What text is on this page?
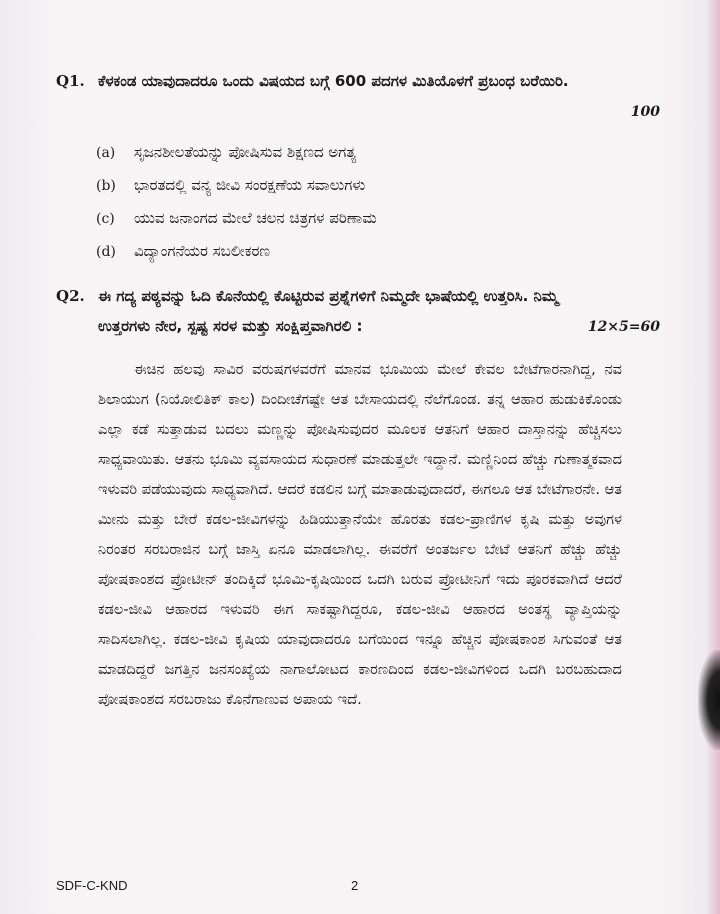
Q1. ಕೆಳಕಂಡ ಯಾವುದಾದರೂ ಒಂದು ವಿಷಯದ ಬಗ್ಗೆ 600 ಪದಗಳ ಮಿತಿಯೊಳಗೆ ಪ್ರಬಂಧ ಬರೆಯಿರಿ.
100
(a) ಸೃಜನಶೀಲತೆಯನ್ನು ಪೋಷಿಸುವ ಶಿಕ್ಷಣದ ಅಗತ್ಯ
(b) ಭಾರತದಲ್ಲಿ ವನ್ಯ ಜೀವಿ ಸಂರಕ್ಷಣೆಯ ಸವಾಲುಗಳು
(c) ಯುವ ಜನಾಂಗದ ಮೇಲೆ ಚಲನ ಚಿತ್ರಗಳ ಪರಿಣಾಮ
(d) ವಿದ್ಯಾಂಗನೆಯರ ಸಬಲೀಕರಣ
Q2. ಈ ಗದ್ಯ ಪಠ್ಯವನ್ನು ಓದಿ ಕೊನೆಯಲ್ಲಿ ಕೊಟ್ಟಿರುವ ಪ್ರಶ್ನೆಗಳಿಗೆ ನಿಮ್ಮದೇ ಭಾಷೆಯಲ್ಲಿ ಉತ್ತರಿಸಿ. ನಿಮ್ಮ ಉತ್ತರಗಳು ನೇರ, ಸ್ಪಷ್ಟ ಸರಳ ಮತ್ತು ಸಂಕ್ಷಿಪ್ತವಾಗಿರಲಿ :	12×5=60

ಈಚಿನ ಹಲವು ಸಾವಿರ ವರುಷಗಳವರೆಗೆ ಮಾನವ ಭೂಮಿಯ ಮೇಲೆ ಕೇವಲ ಬೇಟೆಗಾರನಾಗಿದ್ದ, ನವ ಶಿಲಾಯುಗ (ನಿಯೋಲಿತಿಕ್ ಕಾಲ) ದಿಂದೀಚೆಗಷ್ಟೇ ಆತ ಬೇಸಾಯದಲ್ಲಿ ನೆಲೆಗೊಂಡ. ತನ್ನ ಆಹಾರ ಹುಡುಕಿಕೊಂಡು ಎಲ್ಲಾ ಕಡೆ ಸುತ್ತಾಡುವ ಬದಲು ಮಣ್ಣನ್ನು ಪೋಷಿಸುವುದರ ಮೂಲಕ ಆತನಿಗೆ ಆಹಾರ ದಾಸ್ತಾನನ್ನು ಹೆಚ್ಚಿಸಲು ಸಾಧ್ಯವಾಯಿತು. ಆತನು ಭೂಮಿ ವ್ಯವಸಾಯದ ಸುಧಾರಣೆ ಮಾಡುತ್ತಲೇ ಇದ್ದಾನೆ. ಮಣ್ಣಿನಿಂದ ಹೆಚ್ಚು ಗುಣಾತ್ಮಕವಾದ ಇಳುವರಿ ಪಡೆಯುವುದು ಸಾಧ್ಯವಾಗಿದೆ. ಆದರೆ ಕಡಲಿನ ಬಗ್ಗೆ ಮಾತಾಡುವುದಾದರೆ, ಈಗಲೂ ಆತ ಬೇಟೆಗಾರನೇ. ಆತ ಮೀನು ಮತ್ತು ಬೇರೆ ಕಡಲ-ಜೀವಿಗಳನ್ನು ಹಿಡಿಯುತ್ತಾನೆಯೇ ಹೊರತು ಕಡಲ-ಪ್ರಾಣಿಗಳ ಕೃಷಿ ಮತ್ತು ಅವುಗಳ ನಿರಂತರ ಸರಬರಾಜಿನ ಬಗ್ಗೆ ಜಾಸ್ತಿ ಏನೂ ಮಾಡಲಾಗಿಲ್ಲ. ಈವರೆಗೆ ಅಂತರ್ಜಲ ಬೇಟೆ ಆತನಿಗೆ ಹೆಚ್ಚು ಹೆಚ್ಚು ಪೋಷಕಾಂಶದ ಪ್ರೋಟೀನ್ ತಂದಿಕ್ಕಿದೆ ಭೂಮಿ-ಕೃಷಿಯಿಂದ ಒದಗಿ ಬರುವ ಪ್ರೋಟೀನಿಗೆ ಇದು ಪೂರಕವಾಗಿದೆ ಆದರೆ ಕಡಲ-ಜೀವಿ ಆಹಾರದ ಇಳುವರಿ ಈಗ ಸಾಕಷ್ಟಾಗಿದ್ದರೂ, ಕಡಲ-ಜೀವಿ ಆಹಾರದ ಅಂತಸ್ಥ ವ್ಯಾಪ್ತಿಯನ್ನು ಸಾದಿಸಲಾಗಿಲ್ಲ. ಕಡಲ-ಜೀವಿ ಕೃಷಿಯ ಯಾವುದಾದರೂ ಬಗೆಯಿಂದ ಇನ್ನೂ ಹೆಚ್ಚಿನ ಪೋಷಕಾಂಶ ಸಿಗುವಂತೆ ಆತ ಮಾಡದಿದ್ದರೆ ಜಗತ್ತಿನ ಜನಸಂಖ್ಯೆಯ ನಾಗಾಲೋಟದ ಕಾರಣದಿಂದ ಕಡಲ-ಜೀವಿಗಳಿಂದ ಒದಗಿ ಬರಬಹುದಾದ ಪೋಷಕಾಂಶದ ಸರಬರಾಜು ಕೊನೆಗಾಣುವ ಅಪಾಯ ಇದೆ.

SDF-C-KND	2
